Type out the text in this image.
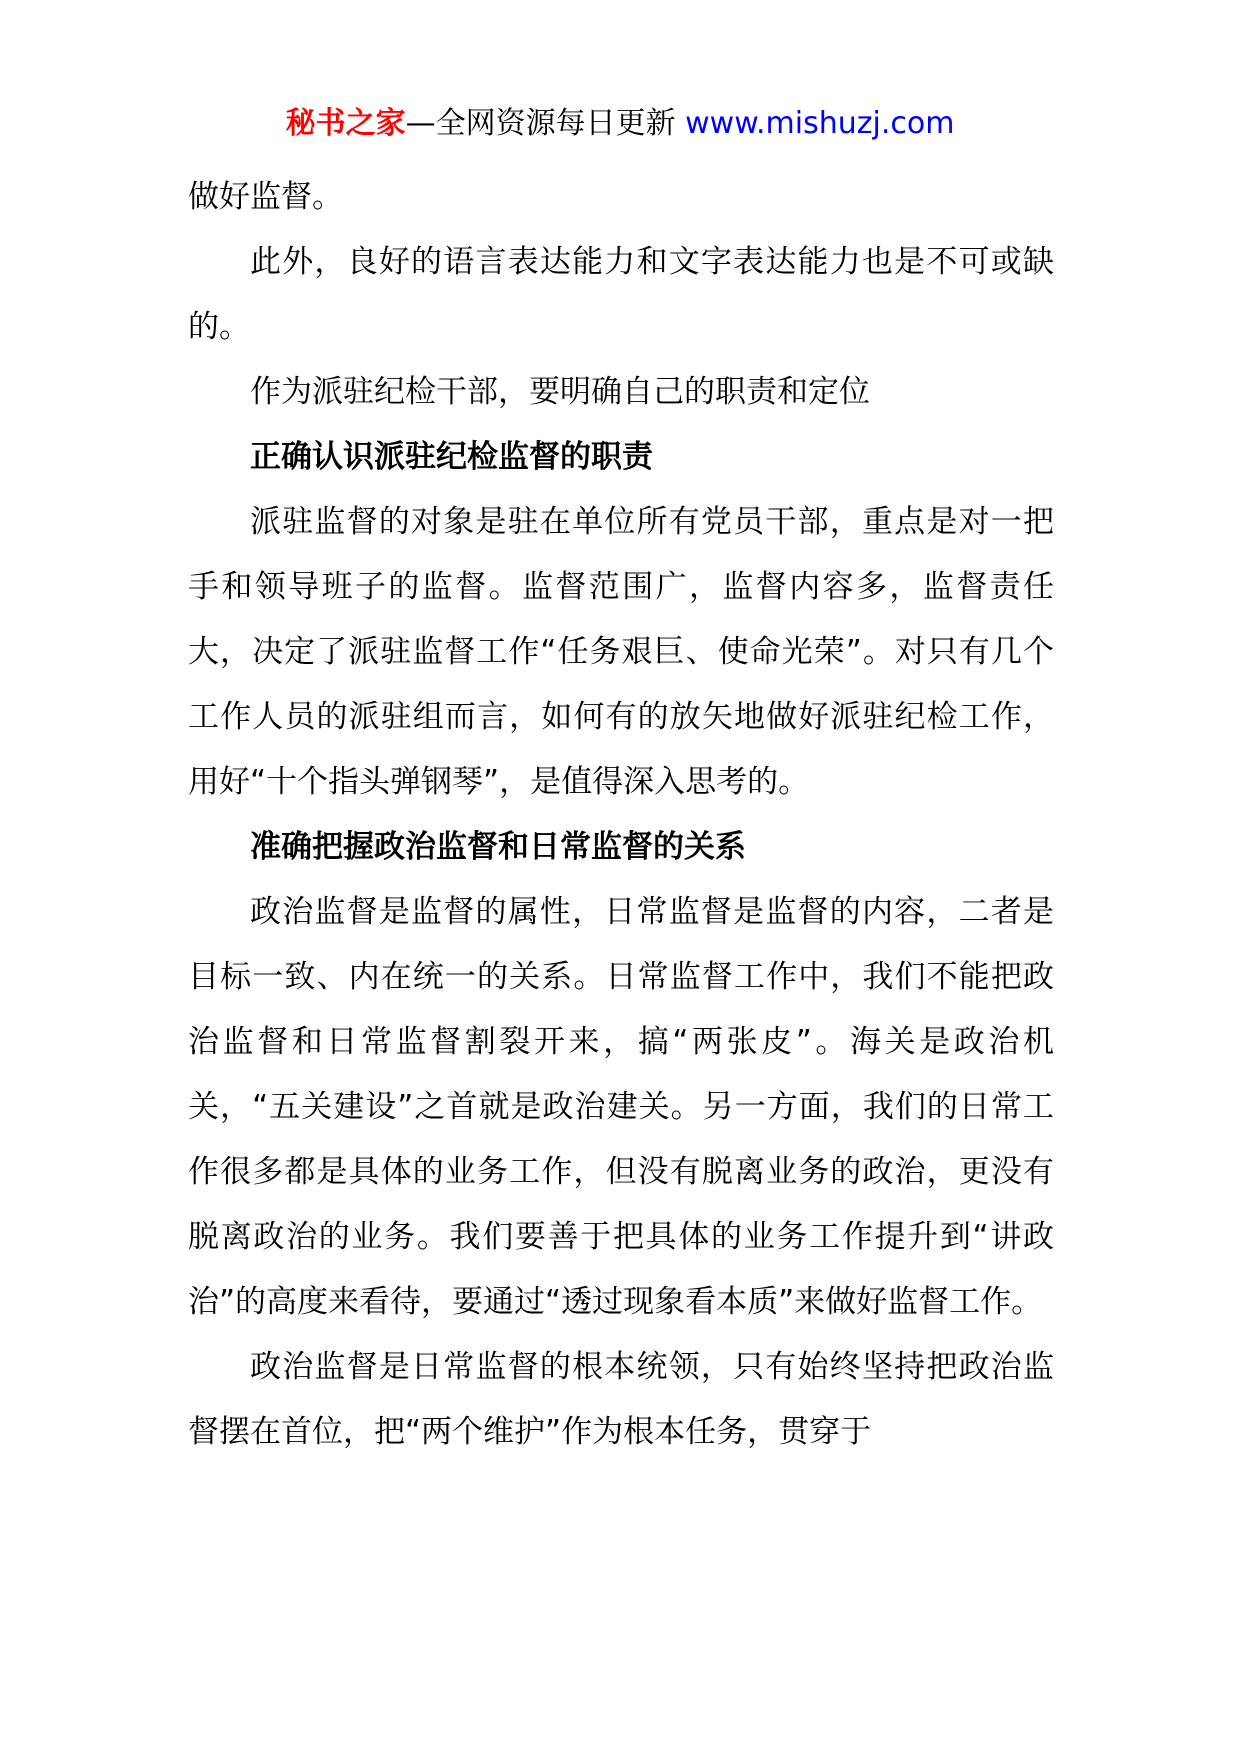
秘书之家—全网资源每日更新 www.mishuzj.com

做好监督。

此外，良好的语言表达能力和文字表达能力也是不可或缺的。

作为派驻纪检干部，要明确自己的职责和定位

正确认识派驻纪检监督的职责

派驻监督的对象是驻在单位所有党员干部，重点是对一把手和领导班子的监督。监督范围广，监督内容多，监督责任大，决定了派驻监督工作“任务艰巨、使命光荣”。对只有几个工作人员的派驻组而言，如何有的放矢地做好派驻纪检工作，用好“十个指头弹钢琴”，是值得深入思考的。

准确把握政治监督和日常监督的关系

政治监督是监督的属性，日常监督是监督的内容，二者是目标一致、内在统一的关系。日常监督工作中，我们不能把政治监督和日常监督割裂开来，搞“两张皮”。海关是政治机关，“五关建设”之首就是政治建关。另一方面，我们的日常工作很多都是具体的业务工作，但没有脱离业务的政治，更没有脱离政治的业务。我们要善于把具体的业务工作提升到“讲政治”的高度来看待，要通过“透过现象看本质”来做好监督工作。

政治监督是日常监督的根本统领，只有始终坚持把政治监督摆在首位，把“两个维护”作为根本任务，贯穿于
